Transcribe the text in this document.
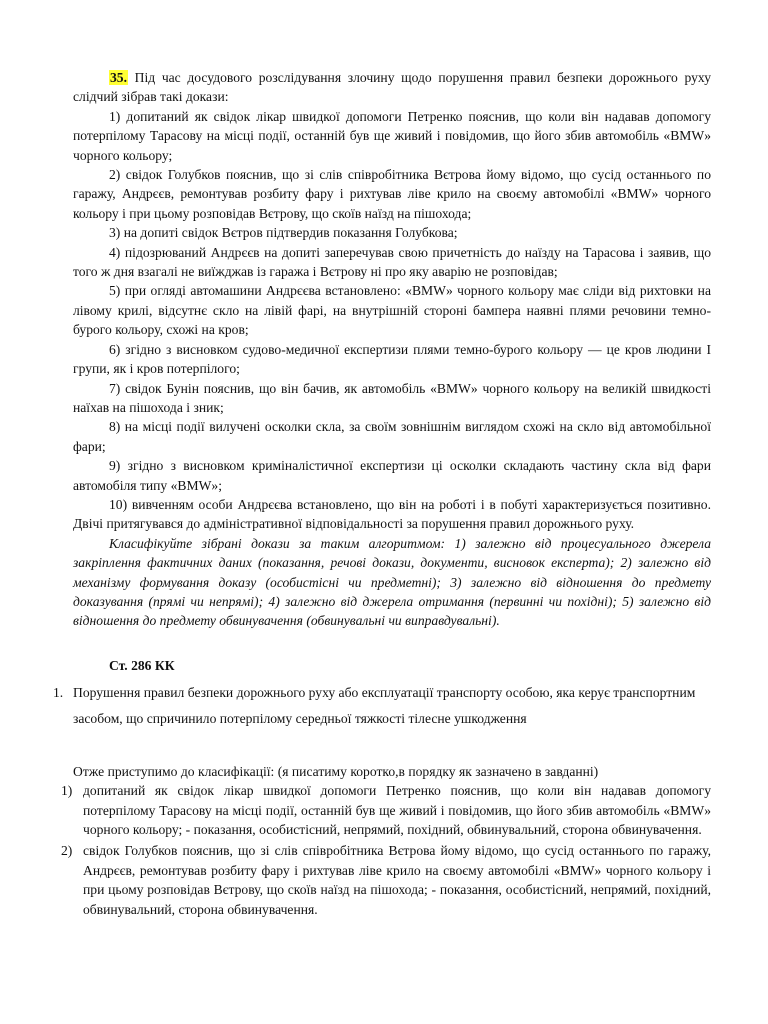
35. Під час досудового розслідування злочину щодо порушення правил безпеки дорожнього руху слідчий зібрав такі докази:

1) допитаний як свідок лікар швидкої допомоги Петренко пояснив, що коли він надавав допомогу потерпілому Тарасову на місці події, останній був ще живий і повідомив, що його збив автомобіль «BMW» чорного кольору;

2) свідок Голубков пояснив, що зі слів співробітника Вєтрова йому відомо, що сусід останнього по гаражу, Андрєєв, ремонтував розбиту фару і рихтував ліве крило на своєму автомобілі «BMW» чорного кольору і при цьому розповідав Вєтрову, що скоїв наїзд на пішохода;

3) на допиті свідок Вєтров підтвердив показання Голубкова;

4) підозрюваний Андрєєв на допиті заперечував свою причетність до наїзду на Тарасова і заявив, що того ж дня взагалі не виїжджав із гаража і Вєтрову ні про яку аварію не розповідав;

5) при огляді автомашини Андрєєва встановлено: «BMW» чорного кольору має сліди від рихтовки на лівому крилі, відсутнє скло на лівій фарі, на внутрішній стороні бампера наявні плями речовини темно-бурого кольору, схожі на кров;

6) згідно з висновком судово-медичної експертизи плями темно-бурого кольору — це кров людини I групи, як і кров потерпілого;

7) свідок Бунін пояснив, що він бачив, як автомобіль «BMW» чорного кольору на великій швидкості наїхав на пішохода і зник;

8) на місці події вилучені осколки скла, за своїм зовнішнім виглядом схожі на скло від автомобільної фари;

9) згідно з висновком криміналістичної експертизи ці осколки складають частину скла від фари автомобіля типу «BMW»;

10) вивченням особи Андрєєва встановлено, що він на роботі і в побуті характеризується позитивно. Двічі притягувався до адміністративної відповідальності за порушення правил дорожнього руху.

Класифікуйте зібрані докази за таким алгоритмом: 1) залежно від процесуального джерела закріплення фактичних даних (показання, речові докази, документи, висновок експерта); 2) залежно від механізму формування доказу (особистісні чи предметні); 3) залежно від відношення до предмету доказування (прямі чи непрямі); 4) залежно від джерела отримання (первинні чи похідні); 5) залежно від відношення до предмету обвинувачення (обвинувальні чи виправдувальні).

Ст. 286 КК
1. Порушення правил безпеки дорожнього руху або експлуатації транспорту особою, яка керує транспортним засобом, що спричинило потерпілому середньої тяжкості тілесне ушкодження

Отже приступимо до класифікації: (я писатиму коротко,в порядку як зазначено в завданні)

1) допитаний як свідок лікар швидкої допомоги Петренко пояснив, що коли він надавав допомогу потерпілому Тарасову на місці події, останній був ще живий і повідомив, що його збив автомобіль «BMW» чорного кольору; - показання, особистісний, непрямий, похідний, обвинувальний, сторона обвинувачення.
2) свідок Голубков пояснив, що зі слів співробітника Вєтрова йому відомо, що сусід останнього по гаражу, Андрєєв, ремонтував розбиту фару і рихтував ліве крило на своєму автомобілі «BMW» чорного кольору і при цьому розповідав Вєтрову, що скоїв наїзд на пішохода; - показання, особистісний, непрямий, похідний, обвинувальний, сторона обвинувачення.
